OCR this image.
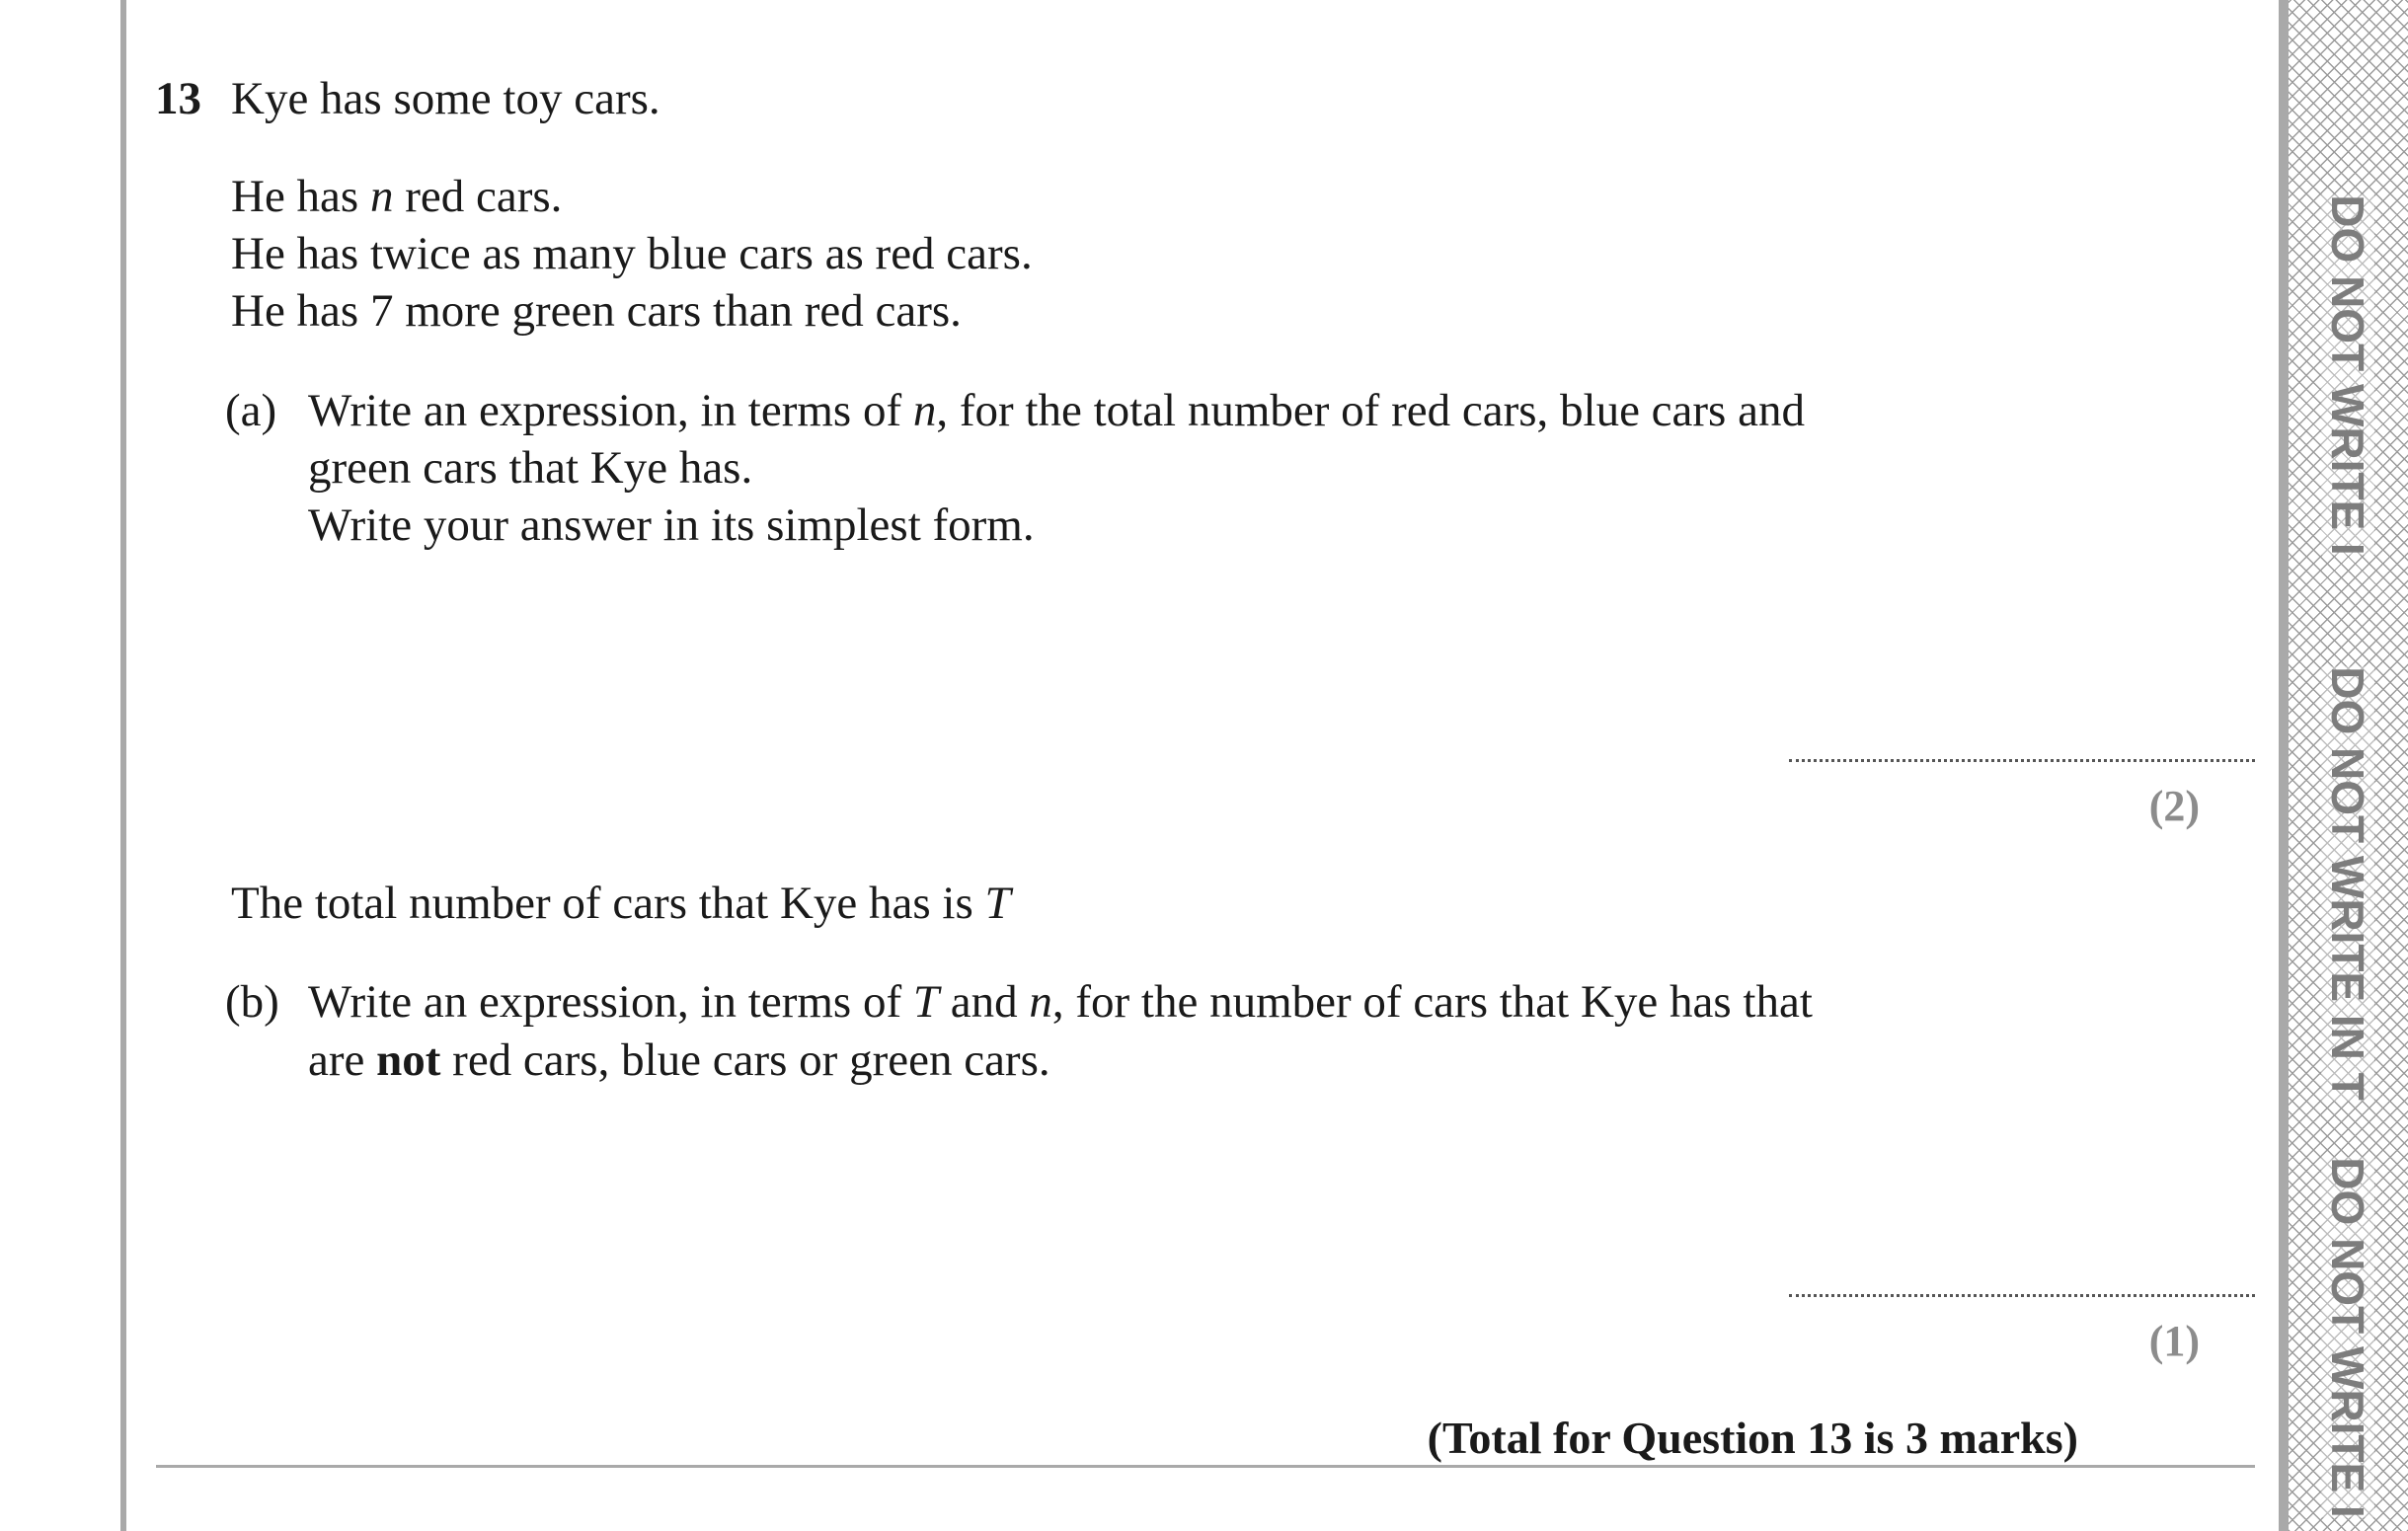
DO NOT WRITE I
DO NOT WRITE IN T
DO NOT WRITE I
13 Kye has some toy cars.
He has n red cars.
He has twice as many blue cars as red cars.
He has 7 more green cars than red cars.
(a) Write an expression, in terms of n, for the total number of red cars, blue cars and
green cars that Kye has.
Write your answer in its simplest form.
(2)
The total number of cars that Kye has is T
(b) Write an expression, in terms of T and n, for the number of cars that Kye has that
are not red cars, blue cars or green cars.
(1)
(Total for Question 13 is 3 marks)
